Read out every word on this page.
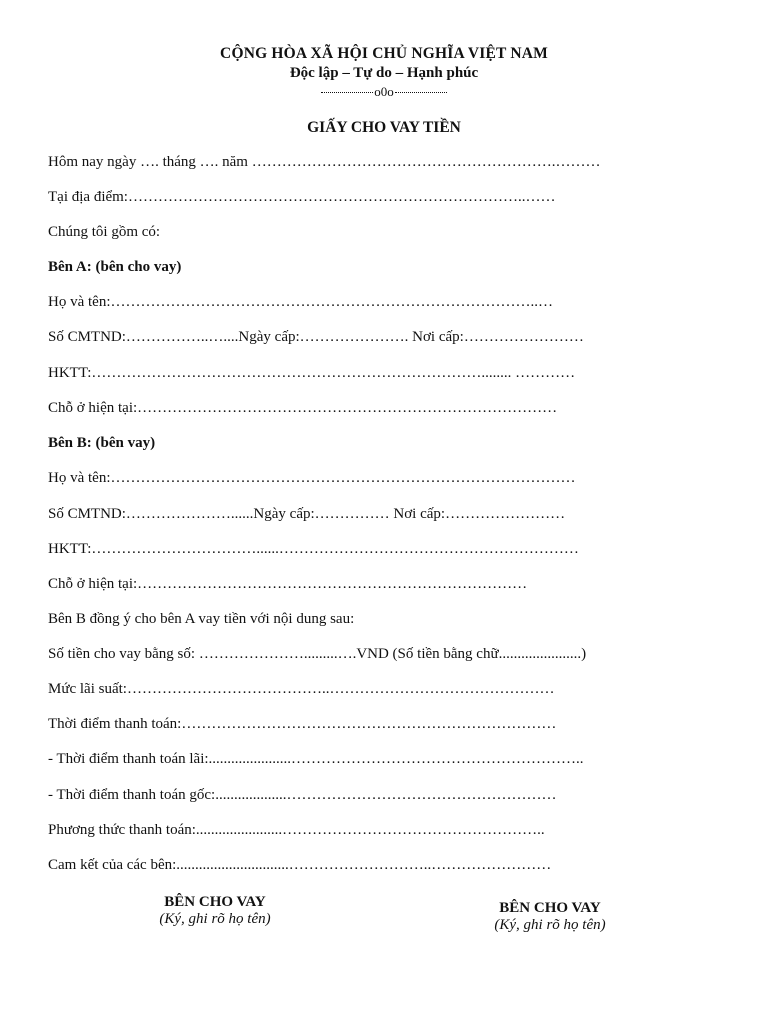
CỘNG HÒA XÃ HỘI CHỦ NGHĨA VIỆT NAM
Độc lập – Tự do – Hạnh phúc
o0o
GIẤY CHO VAY TIỀN
Hôm nay ngày …. tháng …. năm …………………………………………………….………
Tại địa điểm:……………………………………………………………………..……
Chúng tôi gồm có:
Bên A: (bên cho vay)
Họ và tên:…………………………………………………………………………..…
Số CMTND:……………..…....Ngày cấp:…………………. Nơi cấp:……………………
HKTT:……………………………………………………………………........ …………
Chỗ ở hiện tại:…………………………………………………………………………
Bên B: (bên vay)
Họ và tên:…………………………………………………………………………………
Số CMTND:…………………......Ngày cấp:…………… Nơi cấp:……………………
HKTT:……………………………......……………………………………………………
Chỗ ở hiện tại:……………………………………………………………………
Bên B đồng ý cho bên A vay tiền với nội dung sau:
Số tiền cho vay bằng số: ………………….........….VND (Số tiền bằng chữ......................)
Mức lãi suất:…………………………………..………………………………………
Thời điểm thanh toán:…………………………………………………………………
- Thời điểm thanh toán lãi:......................…………………………………………………..
- Thời điểm thanh toán gốc:...................………………………………………………
Phương thức thanh toán:.......................……………………………………………..
Cam kết của các bên:..............................………………………..……………………
BÊN CHO VAY
(Ký, ghi rõ họ tên)
BÊN CHO VAY
(Ký, ghi rõ họ tên)
